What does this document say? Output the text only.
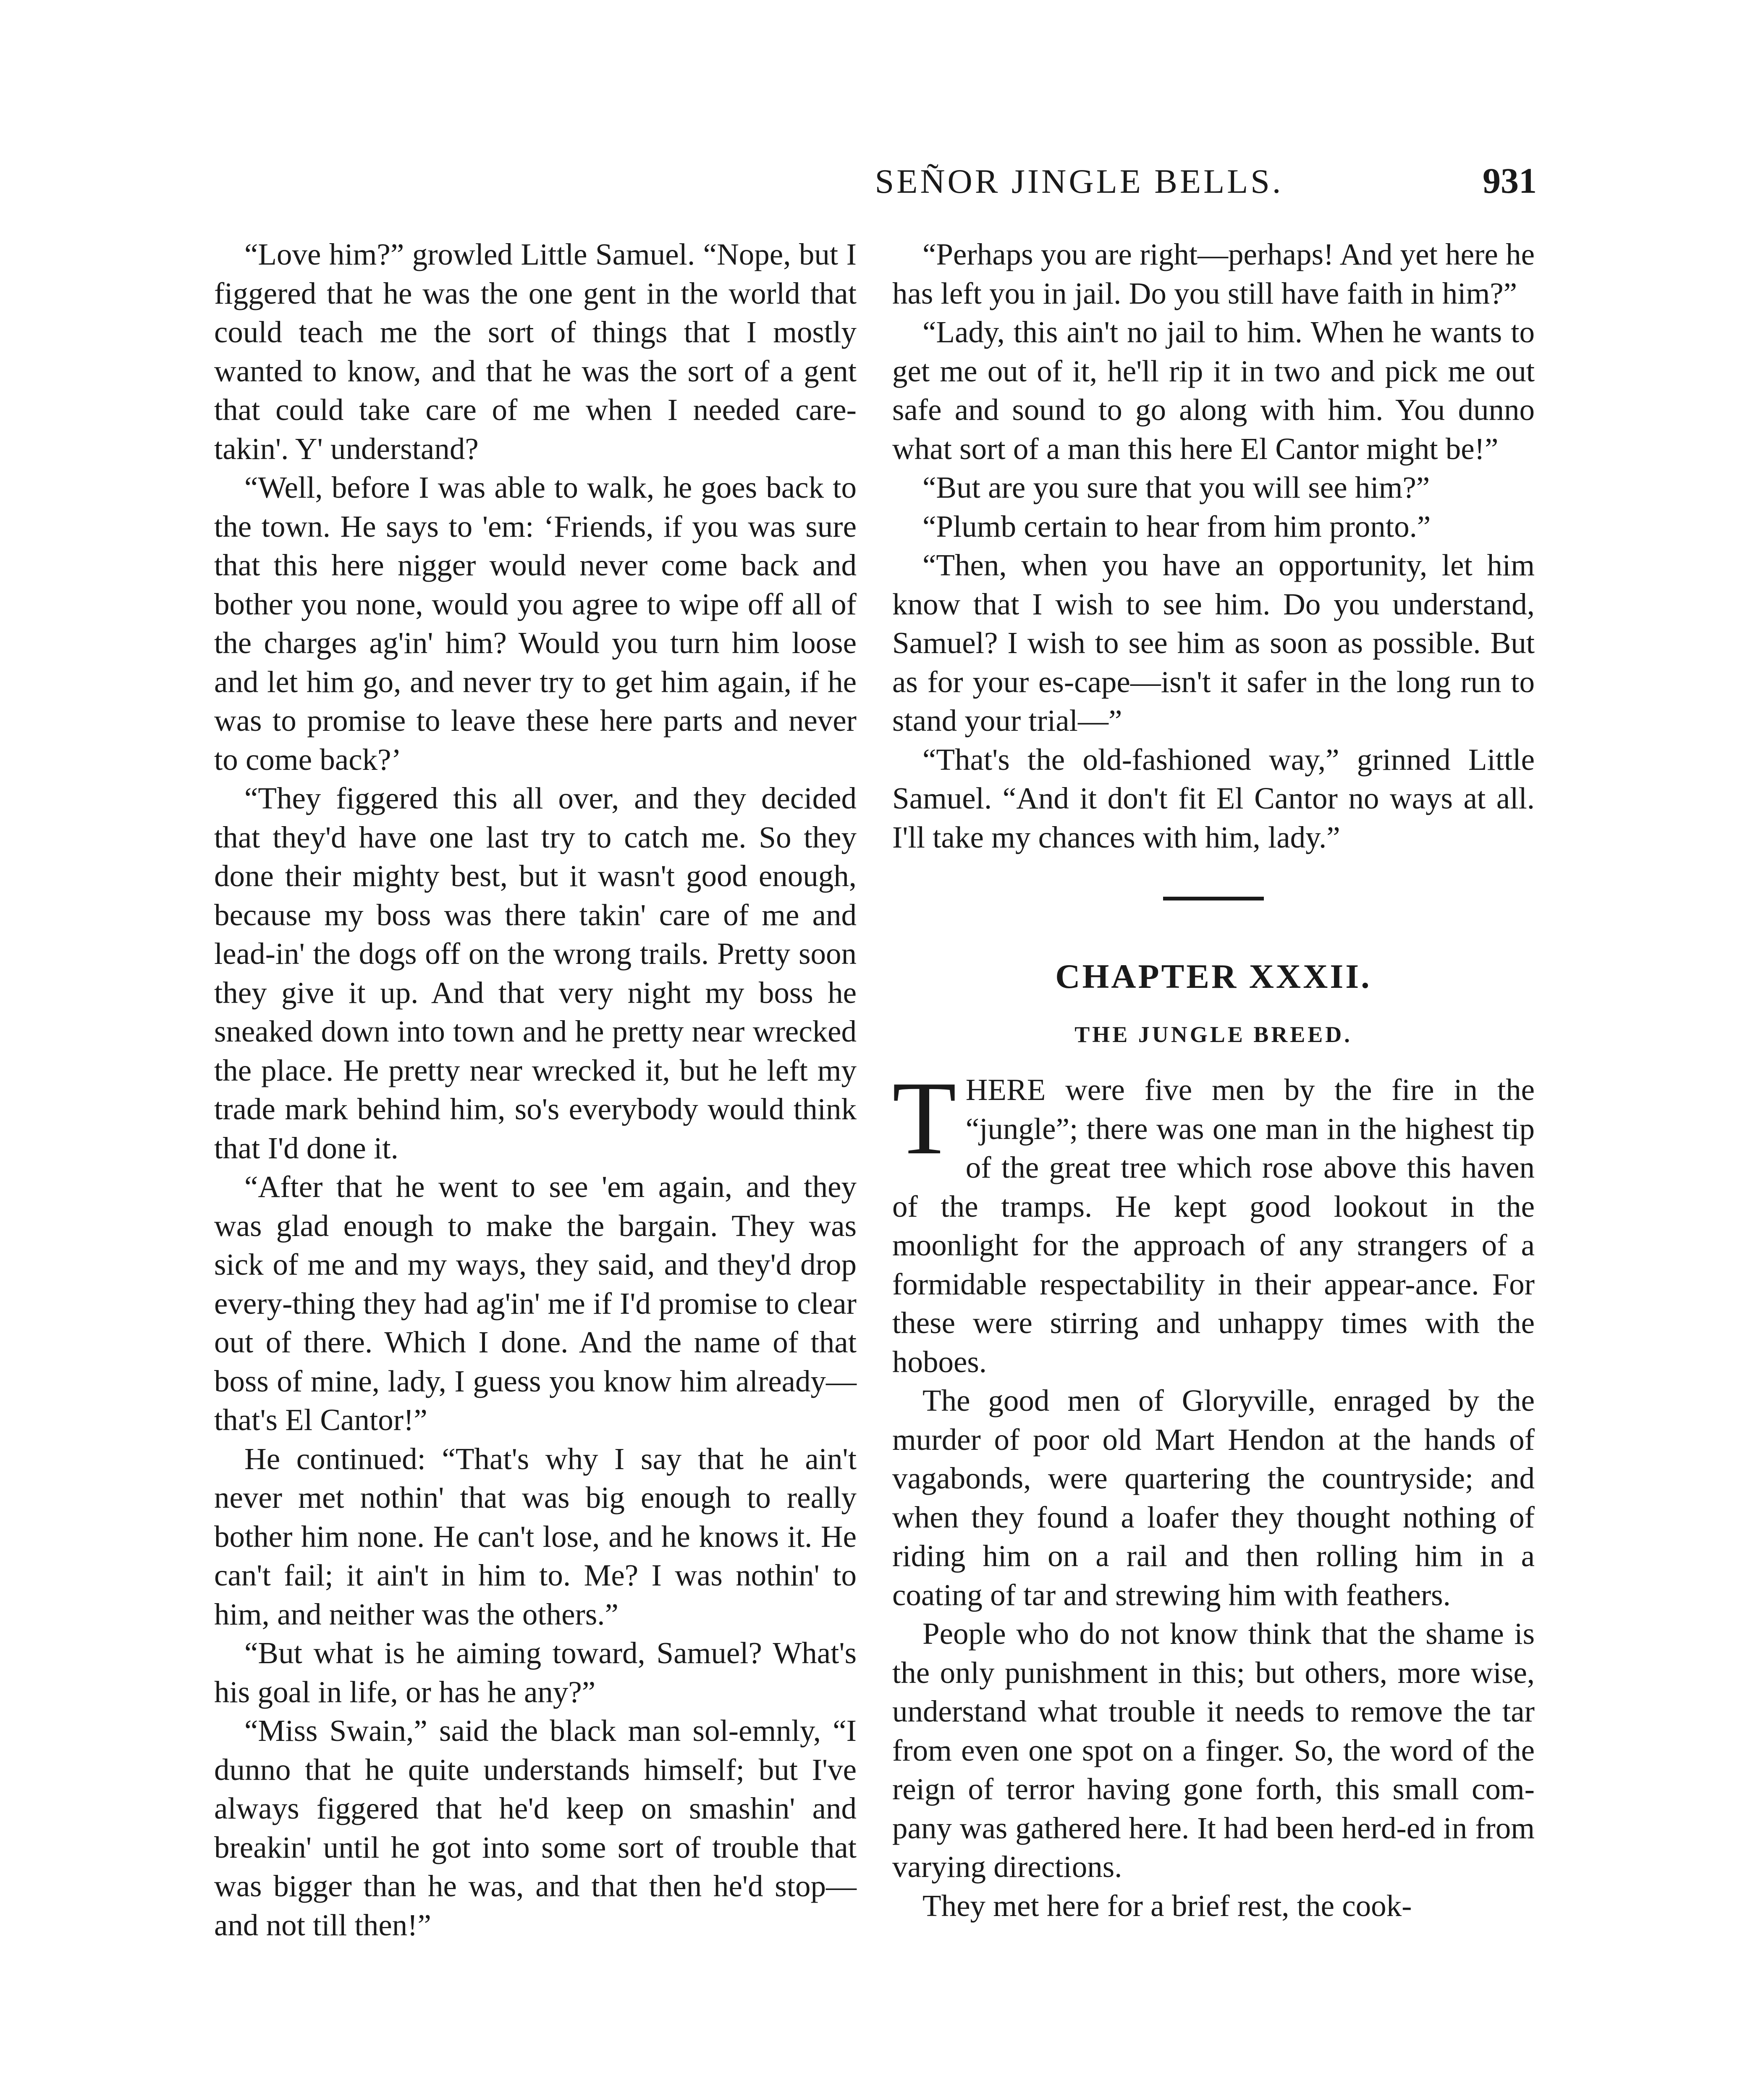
SEÑOR JINGLE BELLS.	931

“Love him?” growled Little Samuel. “Nope, but I figgered that he was the one gent in the world that could teach me the sort of things that I mostly wanted to know, and that he was the sort of a gent that could take care of me when I needed care-takin'. Y' understand?

“Well, before I was able to walk, he goes back to the town. He says to 'em: ‘Friends, if you was sure that this here nigger would never come back and bother you none, would you agree to wipe off all of the charges ag'in' him? Would you turn him loose and let him go, and never try to get him again, if he was to promise to leave these here parts and never to come back?’

“They figgered this all over, and they decided that they'd have one last try to catch me. So they done their mighty best, but it wasn't good enough, because my boss was there takin' care of me and lead-in' the dogs off on the wrong trails. Pretty soon they give it up. And that very night my boss he sneaked down into town and he pretty near wrecked the place. He pretty near wrecked it, but he left my trade mark behind him, so's everybody would think that I'd done it.

“After that he went to see 'em again, and they was glad enough to make the bargain. They was sick of me and my ways, they said, and they'd drop every-thing they had ag'in' me if I'd promise to clear out of there. Which I done. And the name of that boss of mine, lady, I guess you know him already—that's El Cantor!”

He continued: “That's why I say that he ain't never met nothin' that was big enough to really bother him none. He can't lose, and he knows it. He can't fail; it ain't in him to. Me? I was nothin' to him, and neither was the others.”

“But what is he aiming toward, Samuel? What's his goal in life, or has he any?”

“Miss Swain,” said the black man sol-emnly, “I dunno that he quite understands himself; but I've always figgered that he'd keep on smashin' and breakin' until he got into some sort of trouble that was bigger than he was, and that then he'd stop—and not till then!”

“Perhaps you are right—perhaps! And yet here he has left you in jail. Do you still have faith in him?”

“Lady, this ain't no jail to him. When he wants to get me out of it, he'll rip it in two and pick me out safe and sound to go along with him. You dunno what sort of a man this here El Cantor might be!”

“But are you sure that you will see him?”

“Plumb certain to hear from him pronto.”

“Then, when you have an opportunity, let him know that I wish to see him. Do you understand, Samuel? I wish to see him as soon as possible. But as for your es-cape—isn't it safer in the long run to stand your trial—”

“That's the old-fashioned way,” grinned Little Samuel. “And it don't fit El Cantor no ways at all. I'll take my chances with him, lady.”

CHAPTER XXXII.
THE JUNGLE BREED.

THERE were five men by the fire in the “jungle”; there was one man in the highest tip of the great tree which rose above this haven of the tramps. He kept good lookout in the moonlight for the approach of any strangers of a formidable respectability in their appear-ance. For these were stirring and unhappy times with the hoboes.

The good men of Gloryville, enraged by the murder of poor old Mart Hendon at the hands of vagabonds, were quartering the countryside; and when they found a loafer they thought nothing of riding him on a rail and then rolling him in a coating of tar and strewing him with feathers.

People who do not know think that the shame is the only punishment in this; but others, more wise, understand what trouble it needs to remove the tar from even one spot on a finger. So, the word of the reign of terror having gone forth, this small com-pany was gathered here. It had been herd-ed in from varying directions.

They met here for a brief rest, the cook-
